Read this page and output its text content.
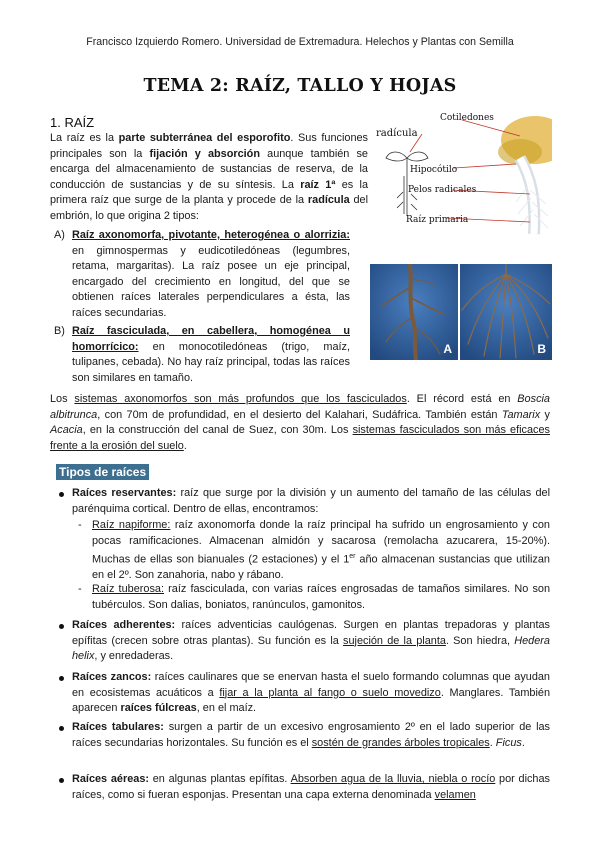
Francisco Izquierdo Romero. Universidad de Extremadura. Helechos y Plantas con Semilla
TEMA 2: RAÍZ, TALLO Y HOJAS
1. RAÍZ
La raíz es la parte subterránea del esporofito. Sus funciones principales son la fijación y absorción aunque también se encarga del almacenamiento de sustancias de reserva, de la conducción de sustancias y de su síntesis. La raíz 1ª es la primera raíz que surge de la planta y procede de la radícula del embrión, lo que origina 2 tipos:
A) Raíz axonomorfa, pivotante, heterogénea o alorrizia: en gimnospermas y eudicotiledóneas (legumbres, retama, margaritas). La raíz posee un eje principal, encargado del crecimiento en longitud, del que se obtienen raíces laterales perpendiculares a ésta, las raíces secundarias.
B) Raíz fasciculada, en cabellera, homogénea u homorrícico: en monocotiledóneas (trigo, maíz, tulipanes, cebada). No hay raíz principal, todas las raíces son similares en tamaño.
Cotiledones
radícula
Hipocótilo
Pelos radicales
Raíz primaria
A	B
Los sistemas axonomorfos son más profundos que los fasciculados. El récord está en Boscia albitrunca, con 70m de profundidad, en el desierto del Kalahari, Sudáfrica. También están Tamarix y Acacia, en la construcción del canal de Suez, con 30m. Los sistemas fasciculados son más eficaces frente a la erosión del suelo.
Tipos de raíces
Raíces reservantes: raíz que surge por la división y un aumento del tamaño de las células del parénquima cortical. Dentro de ellas, encontramos:
- Raíz napiforme: raíz axonomorfa donde la raíz principal ha sufrido un engrosamiento y con pocas ramificaciones. Almacenan almidón y sacarosa (remolacha azucarera, 15-20%). Muchas de ellas son bianuales (2 estaciones) y el 1er año almacenan sustancias que utilizan en el 2º. Son zanahoria, nabo y rábano.
- Raíz tuberosa: raíz fasciculada, con varias raíces engrosadas de tamaños similares. No son tubérculos. Son dalias, boniatos, ranúnculos, gamonitos.
Raíces adherentes: raíces adventicias caulógenas. Surgen en plantas trepadoras y plantas epífitas (crecen sobre otras plantas). Su función es la sujeción de la planta. Son hiedra, Hedera helix, y enredaderas.
Raíces zancos: raíces caulinares que se enervan hasta el suelo formando columnas que ayudan en ecosistemas acuáticos a fijar a la planta al fango o suelo movedizo. Manglares. También aparecen raíces fúlcreas, en el maíz.
Raíces tabulares: surgen a partir de un excesivo engrosamiento 2º en el lado superior de las raíces secundarias horizontales. Su función es el sostén de grandes árboles tropicales. Ficus.
Raíces aéreas: en algunas plantas epífitas. Absorben agua de la lluvia, niebla o rocío por dichas raíces, como si fueran esponjas. Presentan una capa externa denominada velamen
